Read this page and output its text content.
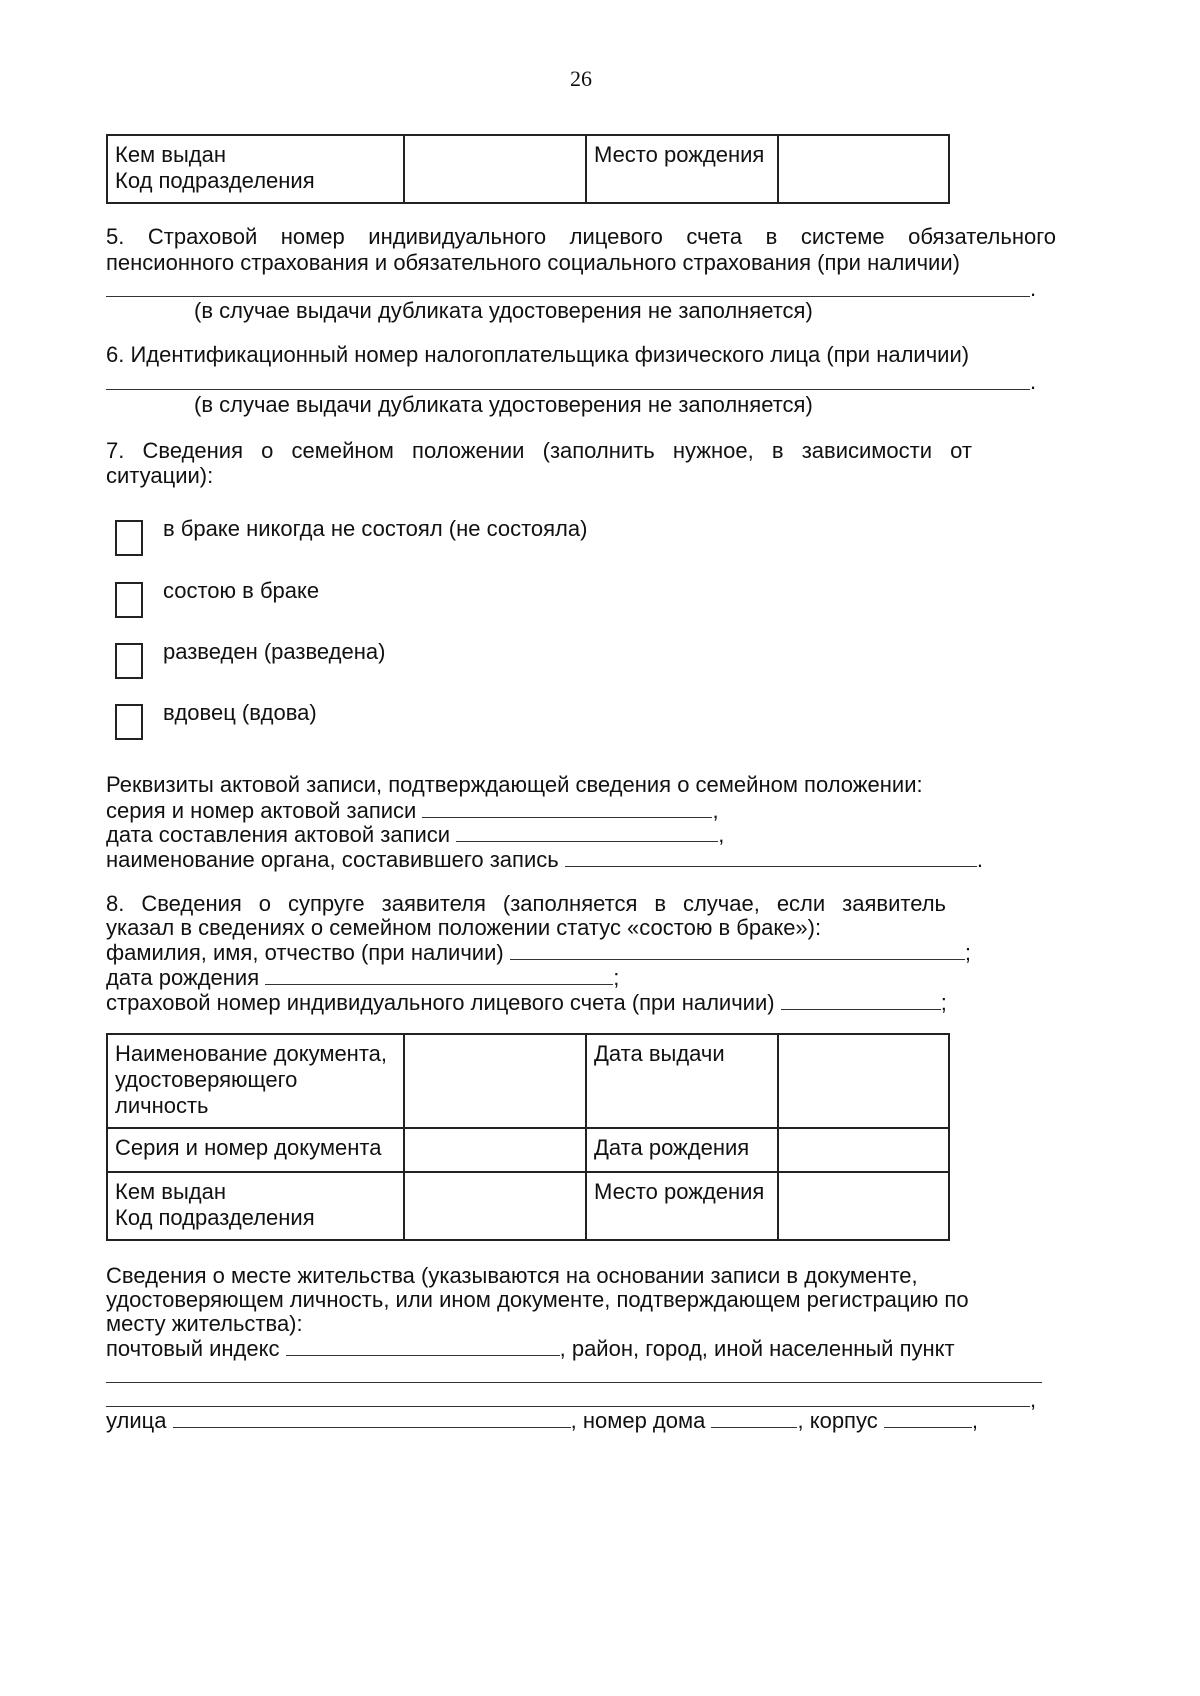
26
Кем выдан
Код подразделения
		Место рождения	
5. Страховой номер индивидуального лицевого счета в системе обязательного
пенсионного страхования и обязательного социального страхования (при наличии)
.
(в случае выдачи дубликата удостоверения не заполняется)
6. Идентификационный номер налогоплательщика физического лица (при наличии)
.
(в случае выдачи дубликата удостоверения не заполняется)
7. Сведения о семейном положении (заполнить нужное, в зависимости от
ситуации):
в браке никогда не состоял (не состояла)
состою в браке
разведен (разведена)
вдовец (вдова)
Реквизиты актовой записи, подтверждающей сведения о семейном положении:
серия и номер актовой записи	,
дата составления актовой записи	,
наименование органа, составившего запись	.
8. Сведения о супруге заявителя (заполняется в случае, если заявитель
указал в сведениях о семейном положении статус «состою в браке»):
фамилия, имя, отчество (при наличии)	;
дата рождения	;
страховой номер индивидуального лицевого счета (при наличии)	;
Наименование документа, удостоверяющего личность		Дата выдачи	
Серия и номер документа		Дата рождения	

Кем выдан
Код подразделения		Место рождения	
Сведения о месте жительства (указываются на основании записи в документе,
удостоверяющем личность, или ином документе, подтверждающем регистрацию по
месту жительства):
почтовый индекс	, район, город, иной населенный пункт
,
улица	, номер дома	, корпус	,
